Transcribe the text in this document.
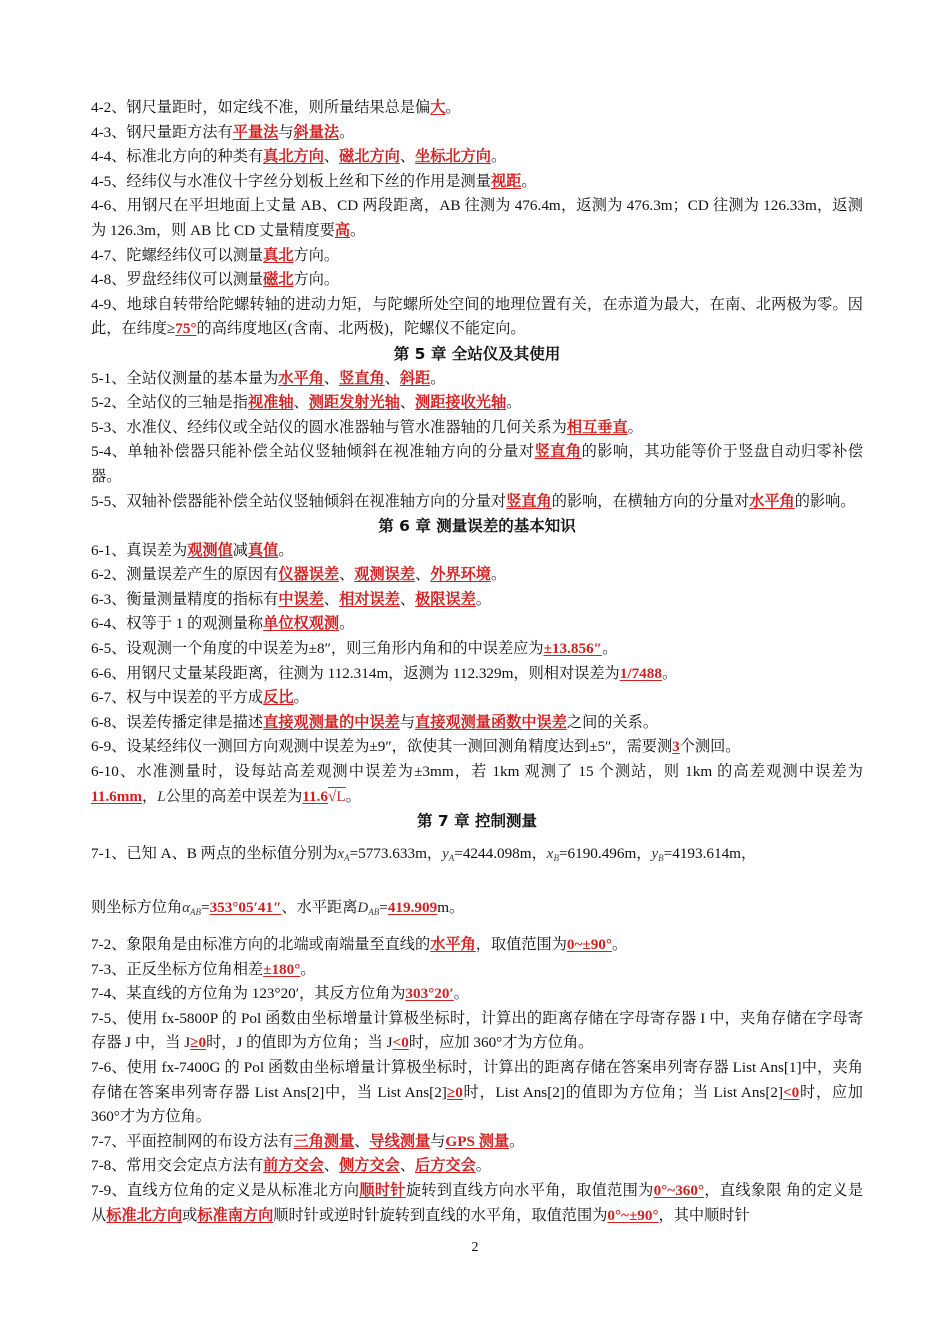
4-2、钢尺量距时，如定线不准，则所量结果总是偏大。

4-3、钢尺量距方法有平量法与斜量法。

4-4、标准北方向的种类有真北方向、磁北方向、坐标北方向。

4-5、经纬仪与水准仪十字丝分划板上丝和下丝的作用是测量视距。

4-6、用钢尺在平坦地面上丈量 AB、CD 两段距离，AB 往测为 476.4m，返测为 476.3m；CD 往测为 126.33m，返测为 126.3m，则 AB 比 CD 丈量精度要高。

4-7、陀螺经纬仪可以测量真北方向。

4-8、罗盘经纬仪可以测量磁北方向。

4-9、地球自转带给陀螺转轴的进动力矩，与陀螺所处空间的地理位置有关，在赤道为最大，在南、北两极为零。因此，在纬度≥75°的高纬度地区(含南、北两极)，陀螺仪不能定向。

第 5 章 全站仪及其使用

5-1、全站仪测量的基本量为水平角、竖直角、斜距。

5-2、全站仪的三轴是指视准轴、测距发射光轴、测距接收光轴。

5-3、水准仪、经纬仪或全站仪的圆水准器轴与管水准器轴的几何关系为相互垂直。

5-4、单轴补偿器只能补偿全站仪竖轴倾斜在视准轴方向的分量对竖直角的影响，其功能等价于竖盘自动归零补偿器。

5-5、双轴补偿器能补偿全站仪竖轴倾斜在视准轴方向的分量对竖直角的影响，在横轴方向的分量对水平角的影响。

第 6 章 测量误差的基本知识

6-1、真误差为观测值减真值。

6-2、测量误差产生的原因有仪器误差、观测误差、外界环境。

6-3、衡量测量精度的指标有中误差、相对误差、极限误差。

6-4、权等于 1 的观测量称单位权观测。

6-5、设观测一个角度的中误差为±8″，则三角形内角和的中误差应为±13.856″。

6-6、用钢尺丈量某段距离，往测为 112.314m，返测为 112.329m，则相对误差为1/7488。

6-7、权与中误差的平方成反比。

6-8、误差传播定律是描述直接观测量的中误差与直接观测量函数中误差之间的关系。

6-9、设某经纬仪一测回方向观测中误差为±9″，欲使其一测回测角精度达到±5″，需要测3个测回。

6-10、水准测量时，设每站高差观测中误差为±3mm，若 1km 观测了 15 个测站，则 1km 的高差观测中误差为11.6mm，L公里的高差中误差为11.6√L。

第 7 章 控制测量

7-1、已知 A、B 两点的坐标值分别为$x_A=5773.633m$，$y_A=4244.098m$，$x_B=6190.496m$，$y_B=4193.614m$，

则坐标方位角$\alpha_{AB}=353^\circ 05'41''$、水平距离$D_{AB}=419.909m$。

7-2、象限角是由标准方向的北端或南端量至直线的水平角，取值范围为0~±90°。

7-3、正反坐标方位角相差±180°。

7-4、某直线的方位角为 123°20′，其反方位角为303°20′。

7-5、使用 fx-5800P 的 Pol 函数由坐标增量计算极坐标时，计算出的距离存储在字母寄存器 I 中，夹角存储在字母寄存器 J 中，当 J≥0时，J 的值即为方位角；当 J<0时，应加 360°才为方位角。

7-6、使用 fx-7400G 的 Pol 函数由坐标增量计算极坐标时，计算出的距离存储在答案串列寄存器 List Ans[1]中，夹角存储在答案串列寄存器 List Ans[2]中，当 List Ans[2]≥0时，List Ans[2]的值即为方位角；当 List Ans[2]<0时，应加 360°才为方位角。

7-7、平面控制网的布设方法有三角测量、导线测量与GPS 测量。

7-8、常用交会定点方法有前方交会、侧方交会、后方交会。

7-9、直线方位角的定义是从标准北方向顺时针旋转到直线方向水平角，取值范围为0°~360°，直线象限 角的定义是从标准北方向或标准南方向顺时针或逆时针旋转到直线的水平角，取值范围为0°~±90°，其中顺时针

2
